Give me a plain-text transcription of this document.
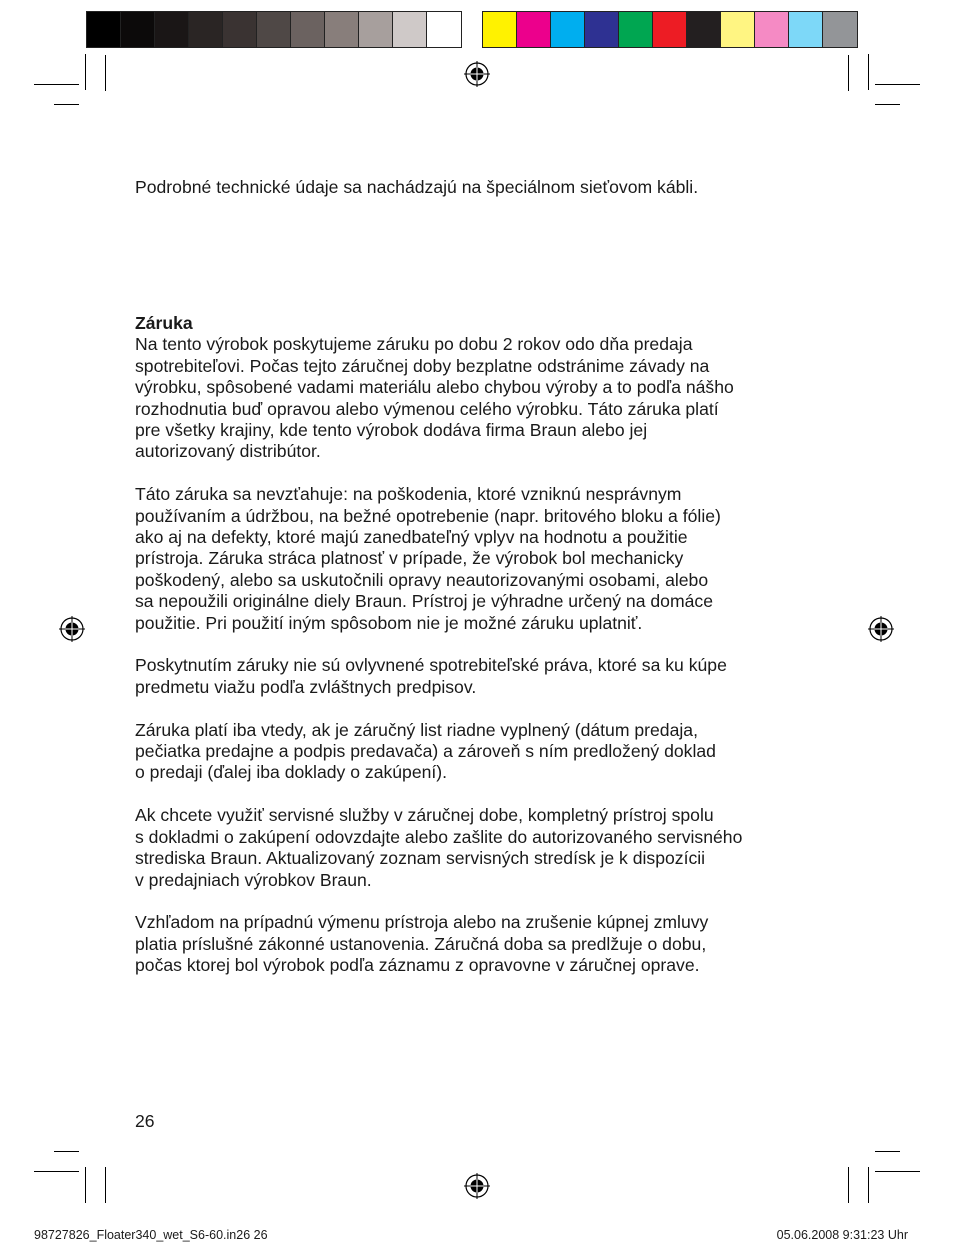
Podrobné technické údaje sa nachádzajú na špeciálnom sieťovom kábli.

Záruka

Na tento výrobok poskytujeme záruku po dobu 2 rokov odo dňa predaja
spotrebiteľovi. Počas tejto záručnej doby bezplatne odstránime závady na
výrobku, spôsobené vadami materiálu alebo chybou výroby a to podľa nášho
rozhodnutia buď opravou alebo výmenou celého výrobku. Táto záruka platí
pre všetky krajiny, kde tento výrobok dodáva firma Braun alebo jej
autorizovaný distribútor.

Táto záruka sa nevzťahuje: na poškodenia, ktoré vzniknú nesprávnym
používaním a údržbou, na bežné opotrebenie (napr. britového bloku a fólie)
ako aj na defekty, ktoré majú zanedbateľný vplyv na hodnotu a použitie
prístroja. Záruka stráca platnosť v prípade, že výrobok bol mechanicky
poškodený, alebo sa uskutočnili opravy neautorizovanými osobami, alebo
sa nepoužili originálne diely Braun. Prístroj je výhradne určený na domáce
použitie. Pri použití iným spôsobom nie je možné záruku uplatniť.

Poskytnutím záruky nie sú ovlyvnené spotrebiteľské práva, ktoré sa ku kúpe
predmetu viažu podľa zvláštnych predpisov.

Záruka platí iba vtedy, ak je záručný list riadne vyplnený (dátum predaja,
pečiatka predajne a podpis predavača) a zároveň s ním predložený doklad
o predaji (ďalej iba doklady o zakúpení).

Ak chcete využiť servisné služby v záručnej dobe, kompletný prístroj spolu
s dokladmi o zakúpení odovzdajte alebo zašlite do autorizovaného servisného
strediska Braun. Aktualizovaný zoznam servisných stredísk je k dispozícii
v predajniach výrobkov Braun.

Vzhľadom na prípadnú výmenu prístroja alebo na zrušenie kúpnej zmluvy
platia príslušné zákonné ustanovenia. Záručná doba sa predlžuje o dobu,
počas ktorej bol výrobok podľa záznamu z opravovne v záručnej oprave.

26
98727826_Floater340_wet_S6-60.in26 26	05.06.2008 9:31:23 Uhr
